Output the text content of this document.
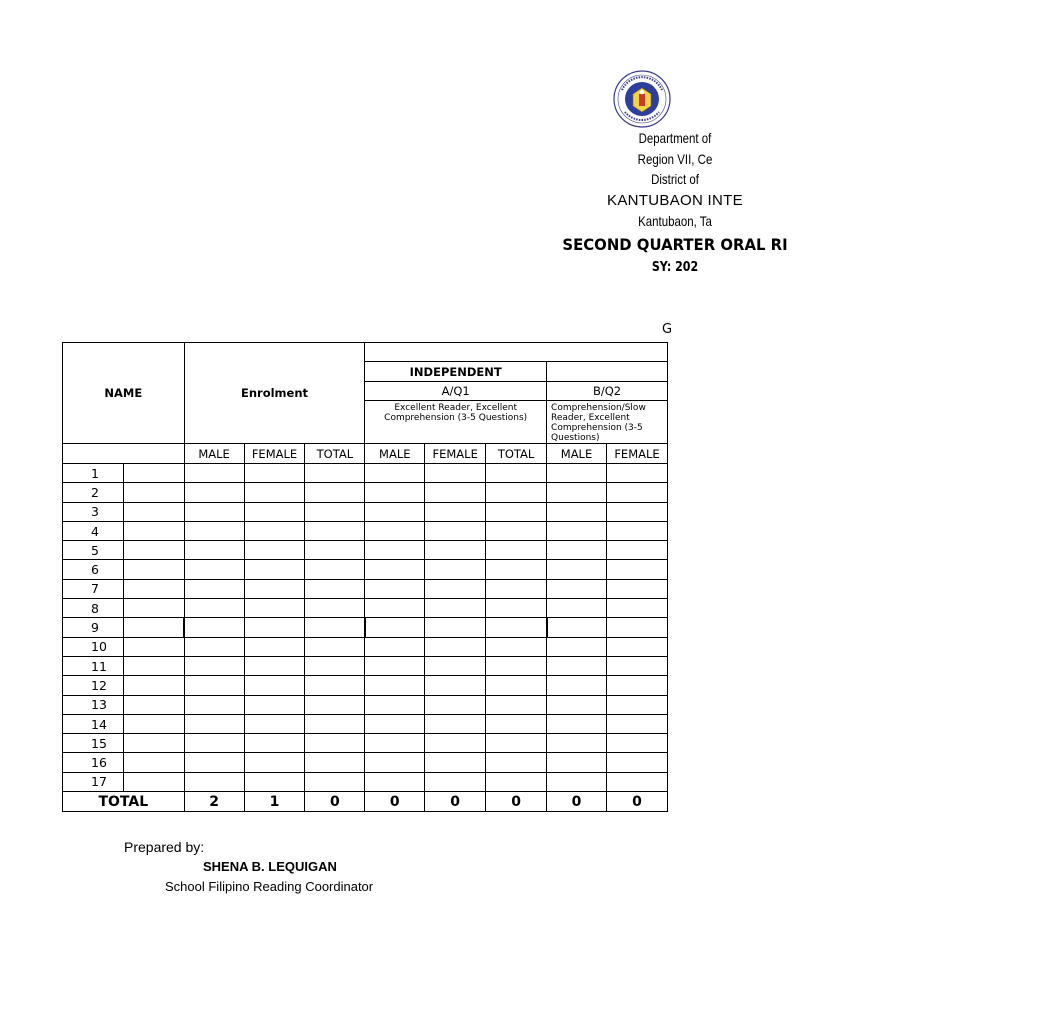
Department of
Region VII, Ce
District of
KANTUBAON INTE
Kantubaon, Ta
SECOND QUARTER ORAL RI
SY: 202
G
NAME		Enrolment							
					INDEPENDENT				
					A/Q1			B/Q2	
					Excellent Reader, Excellent Comprehension (3-5 Questions)			Comprehension/Slow Reader, Excellent Comprehension (3-5 Questions)	
		MALE	FEMALE	TOTAL	MALE	FEMALE	TOTAL	MALE	FEMALE
1									
2									
3									
4									
5									
6									
7									
8									
9									
10									
11									
12									
13									
14									
15									
16									
17									
TOTAL		2	1	0	0	0	0	0	0
Prepared by:
SHENA B. LEQUIGAN
School Filipino Reading Coordinator
